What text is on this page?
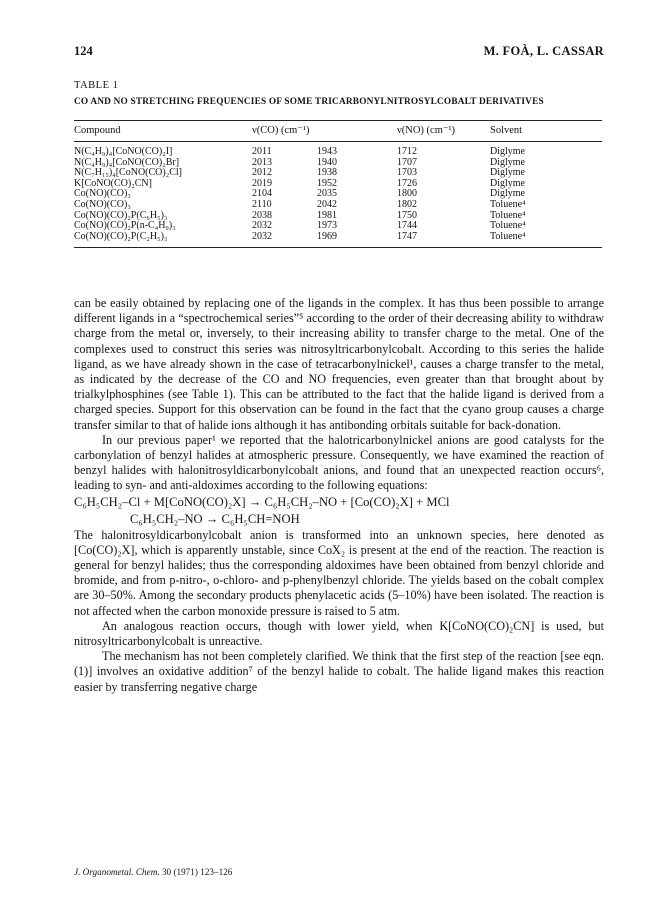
124	M. FOÀ, L. CASSAR
TABLE 1
CO AND NO STRETCHING FREQUENCIES OF SOME TRICARBONYLNITROSYLCOBALT DERIVATIVES
Compound	ν(CO) (cm⁻¹)	ν(NO) (cm⁻¹)	Solvent
N(C₄H₉)₄[CoNO(CO)₂I]	2011	1943	1712	Diglyme
N(C₄H₉)₄[CoNO(CO)₂Br]	2013	1940	1707	Diglyme
N(C₇H₁₅)₄[CoNO(CO)₂Cl]	2012	1938	1703	Diglyme
K[CoNO(CO)₂CN]	2019	1952	1726	Diglyme
Co(NO)(CO)₃	2104	2035	1800	Diglyme
Co(NO)(CO)₃	2110	2042	1802	Toluene⁴
Co(NO)(CO)₂P(C₆H₅)₃	2038	1981	1750	Toluene⁴
Co(NO)(CO)₂P(n-C₄H₉)₃	2032	1973	1744	Toluene⁴
Co(NO)(CO)₂P(C₂H₅)₃	2032	1969	1747	Toluene⁴

can be easily obtained by replacing one of the ligands in the complex. It has thus been possible to arrange different ligands in a “spectrochemical series”⁵ according to the order of their decreasing ability to withdraw charge from the metal or, inversely, to their increasing ability to transfer charge to the metal. One of the complexes used to construct this series was nitrosyltricarbonylcobalt. According to this series the halide ligand, as we have already shown in the case of tetracarbonylnickel¹, causes a charge transfer to the metal, as indicated by the decrease of the CO and NO frequencies, even greater than that brought about by trialkylphosphines (see Table 1). This can be attributed to the fact that the halide ligand is derived from a charged species. Support for this observation can be found in the fact that the cyano group causes a charge transfer similar to that of halide ions although it has antibonding orbitals suitable for back-donation.

In our previous paper¹ we reported that the halotricarbonylnickel anions are good catalysts for the carbonylation of benzyl halides at atmospheric pressure. Consequently, we have examined the reaction of benzyl halides with halonitrosyldicarbonylcobalt anions, and found that an unexpected reaction occurs⁶, leading to syn- and anti-aldoximes according to the following equations:

C₆H₅CH₂–Cl + M[CoNO(CO)₂X] → C₆H₅CH₂–NO + [Co(CO)₂X] + MCl
C₆H₅CH₂–NO → C₆H₅CH=NOH

The halonitrosyldicarbonylcobalt anion is transformed into an unknown species, here denoted as [Co(CO)₂X], which is apparently unstable, since CoX₂ is present at the end of the reaction. The reaction is general for benzyl halides; thus the corresponding aldoximes have been obtained from benzyl chloride and bromide, and from p-nitro-, o-chloro- and p-phenylbenzyl chloride. The yields based on the cobalt complex are 30–50%. Among the secondary products phenylacetic acids (5–10%) have been isolated. The reaction is not affected when the carbon monoxide pressure is raised to 5 atm.

An analogous reaction occurs, though with lower yield, when K[CoNO(CO)₂CN] is used, but nitrosyltricarbonylcobalt is unreactive.

The mechanism has not been completely clarified. We think that the first step of the reaction [see eqn. (1)] involves an oxidative addition⁷ of the benzyl halide to cobalt. The halide ligand makes this reaction easier by transferring negative charge

J. Organometal. Chem. 30 (1971) 123–126
